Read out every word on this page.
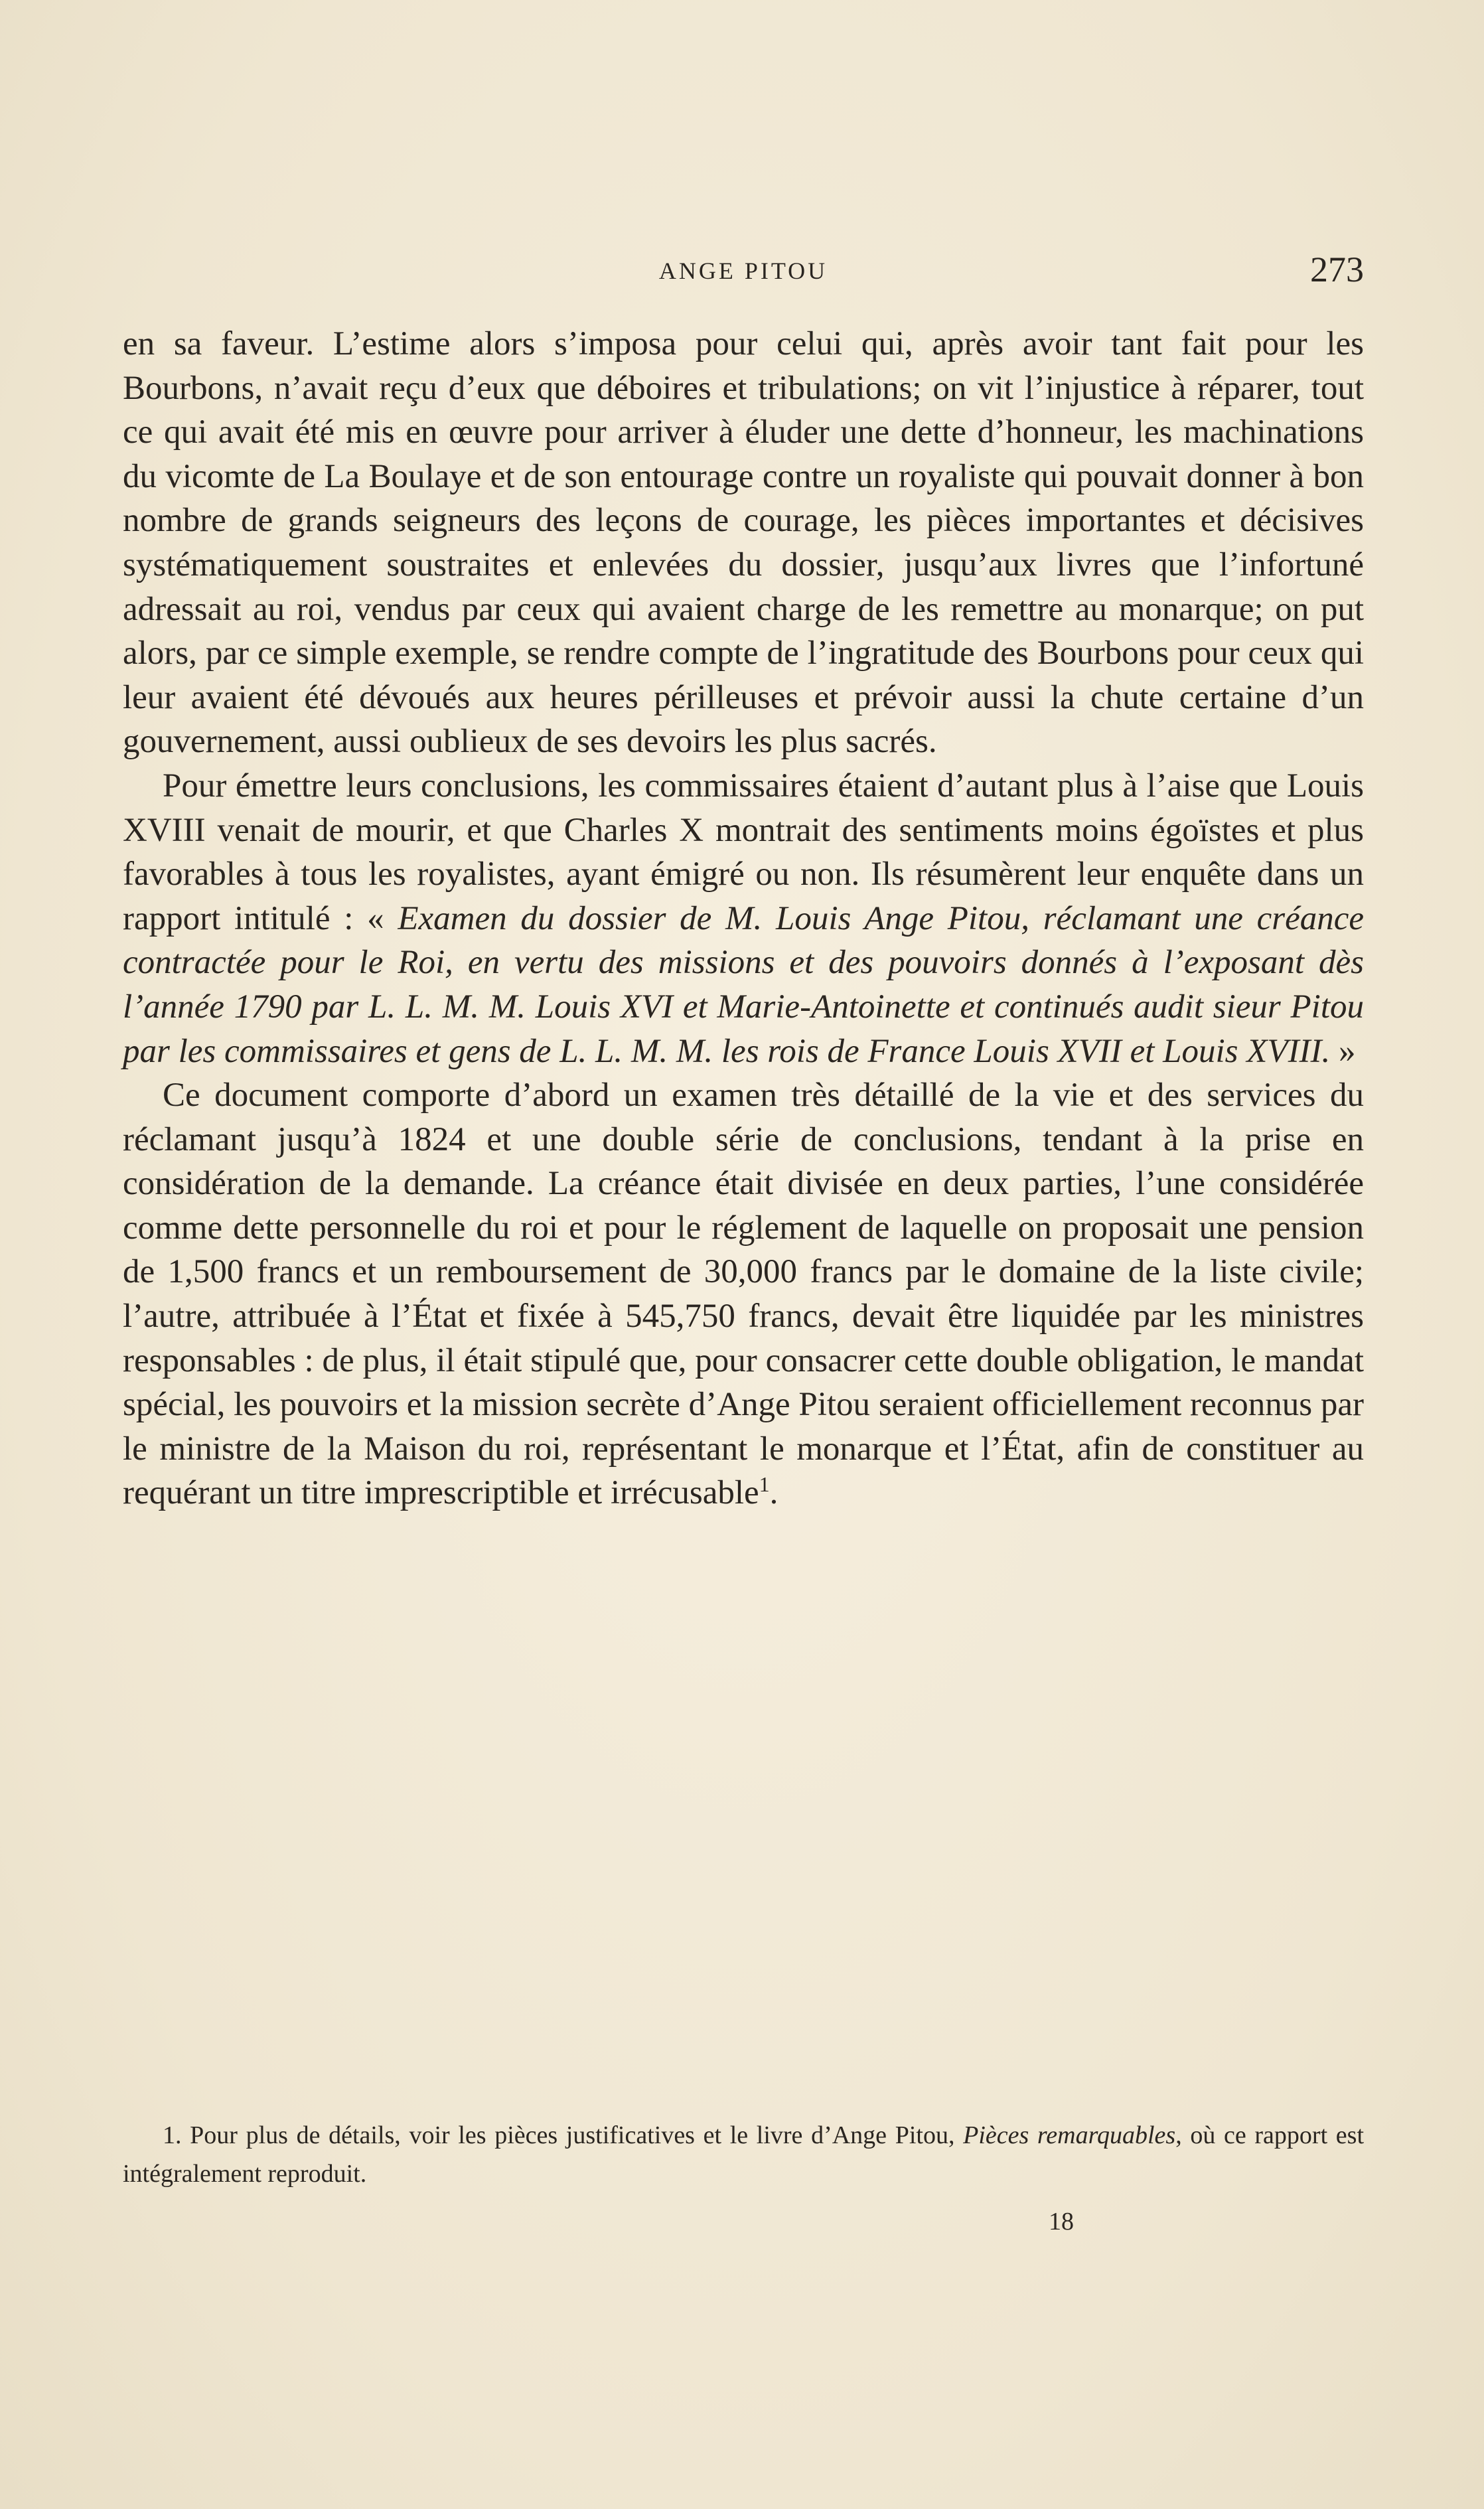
ANGE PITOU	273

en sa faveur. L’estime alors s’imposa pour celui qui, après avoir tant fait pour les Bourbons, n’avait reçu d’eux que déboires et tribulations; on vit l’injustice à réparer, tout ce qui avait été mis en œuvre pour arriver à éluder une dette d’honneur, les machinations du vicomte de La Boulaye et de son entourage contre un royaliste qui pouvait donner à bon nombre de grands seigneurs des leçons de courage, les pièces importantes et décisives systématiquement soustraites et enlevées du dossier, jusqu’aux livres que l’infortuné adressait au roi, vendus par ceux qui avaient charge de les remettre au monarque; on put alors, par ce simple exemple, se rendre compte de l’ingratitude des Bourbons pour ceux qui leur avaient été dévoués aux heures périlleuses et prévoir aussi la chute certaine d’un gouvernement, aussi oublieux de ses devoirs les plus sacrés.

Pour émettre leurs conclusions, les commissaires étaient d’autant plus à l’aise que Louis XVIII venait de mourir, et que Charles X montrait des sentiments moins égoïstes et plus favorables à tous les royalistes, ayant émigré ou non. Ils résumèrent leur enquête dans un rapport intitulé : « Examen du dossier de M. Louis Ange Pitou, réclamant une créance contractée pour le Roi, en vertu des missions et des pouvoirs donnés à l’exposant dès l’année 1790 par L. L. M. M. Louis XVI et Marie-Antoinette et continués audit sieur Pitou par les commissaires et gens de L. L. M. M. les rois de France Louis XVII et Louis XVIII. »

Ce document comporte d’abord un examen très détaillé de la vie et des services du réclamant jusqu’à 1824 et une double série de conclusions, tendant à la prise en considération de la demande. La créance était divisée en deux parties, l’une considérée comme dette personnelle du roi et pour le réglement de laquelle on proposait une pension de 1,500 francs et un remboursement de 30,000 francs par le domaine de la liste civile; l’autre, attribuée à l’État et fixée à 545,750 francs, devait être liquidée par les ministres responsables : de plus, il était stipulé que, pour consacrer cette double obligation, le mandat spécial, les pouvoirs et la mission secrète d’Ange Pitou seraient officiellement reconnus par le ministre de la Maison du roi, représentant le monarque et l’État, afin de constituer au requérant un titre imprescriptible et irrécusable$^1$.

1. Pour plus de détails, voir les pièces justificatives et le livre d’Ange Pitou, Pièces remarquables, où ce rapport est intégralement reproduit.

18
